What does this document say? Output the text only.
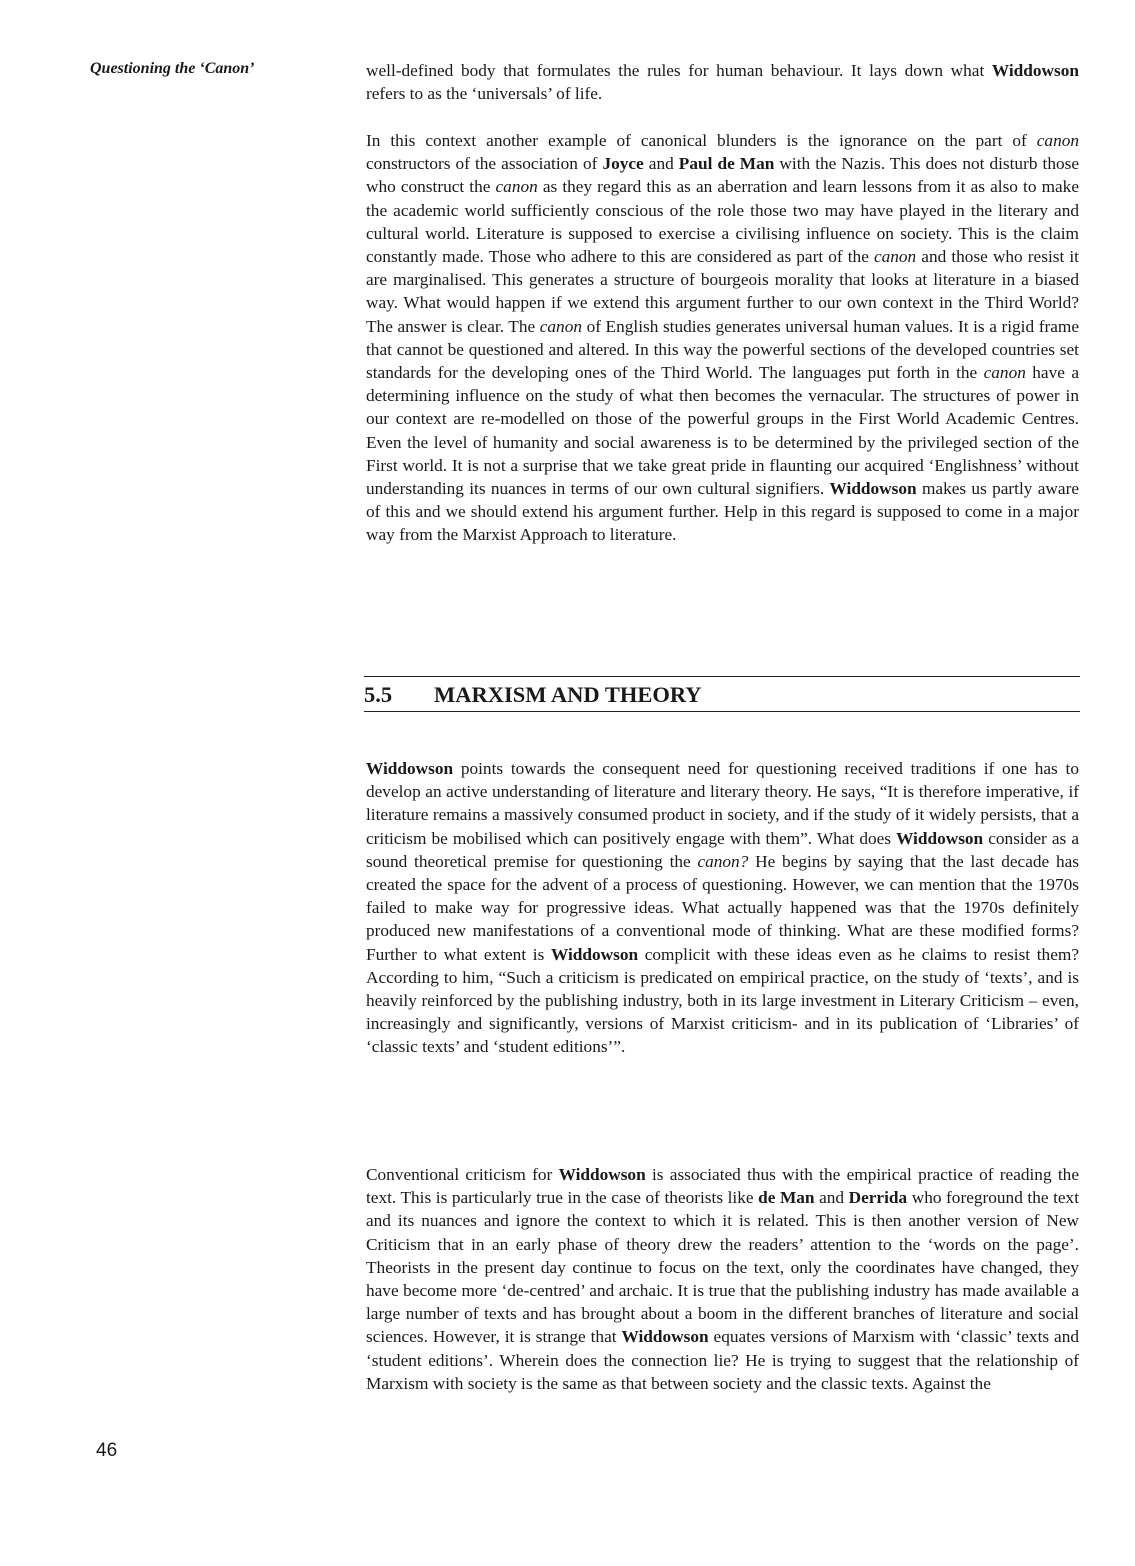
Questioning the ‘Canon’	well-defined body that formulates the rules for human behaviour. It lays down what Widdowson refers to as the ‘universals’ of life.

In this context another example of canonical blunders is the ignorance on the part of canon constructors of the association of Joyce and Paul de Man with the Nazis. This does not disturb those who construct the canon as they regard this as an aberration and learn lessons from it as also to make the academic world sufficiently conscious of the role those two may have played in the literary and cultural world. Literature is supposed to exercise a civilising influence on society. This is the claim constantly made. Those who adhere to this are considered as part of the canon and those who resist it are marginalised. This generates a structure of bourgeois morality that looks at literature in a biased way. What would happen if we extend this argument further to our own context in the Third World? The answer is clear. The canon of English studies generates universal human values. It is a rigid frame that cannot be questioned and altered. In this way the powerful sections of the developed countries set standards for the developing ones of the Third World. The languages put forth in the canon have a determining influence on the study of what then becomes the vernacular. The structures of power in our context are re-modelled on those of the powerful groups in the First World Academic Centres. Even the level of humanity and social awareness is to be determined by the privileged section of the First world. It is not a surprise that we take great pride in flaunting our acquired ‘Englishness’ without understanding its nuances in terms of our own cultural signifiers. Widdowson makes us partly aware of this and we should extend his argument further. Help in this regard is supposed to come in a major way from the Marxist Approach to literature.

5.5 MARXISM AND THEORY

Widdowson points towards the consequent need for questioning received traditions if one has to develop an active understanding of literature and literary theory. He says, “It is therefore imperative, if literature remains a massively consumed product in society, and if the study of it widely persists, that a criticism be mobilised which can positively engage with them”. What does Widdowson consider as a sound theoretical premise for questioning the canon? He begins by saying that the last decade has created the space for the advent of a process of questioning. However, we can mention that the 1970s failed to make way for progressive ideas. What actually happened was that the 1970s definitely produced new manifestations of a conventional mode of thinking. What are these modified forms? Further to what extent is Widdowson complicit with these ideas even as he claims to resist them? According to him, “Such a criticism is predicated on empirical practice, on the study of ‘texts’, and is heavily reinforced by the publishing industry, both in its large investment in Literary Criticism – even, increasingly and significantly, versions of Marxist criticism- and in its publication of ‘Libraries’ of ‘classic texts’ and ‘student editions’”.

Conventional criticism for Widdowson is associated thus with the empirical practice of reading the text. This is particularly true in the case of theorists like de Man and Derrida who foreground the text and its nuances and ignore the context to which it is related. This is then another version of New Criticism that in an early phase of theory drew the readers’ attention to the ‘words on the page’. Theorists in the present day continue to focus on the text, only the coordinates have changed, they have become more ‘de-centred’ and archaic. It is true that the publishing industry has made available a large number of texts and has brought about a boom in the different branches of literature and social sciences. However, it is strange that Widdowson equates versions of Marxism with ‘classic’ texts and ‘student editions’. Wherein does the connection lie? He is trying to suggest that the relationship of Marxism with society is the same as that between society and the classic texts. Against the

46
